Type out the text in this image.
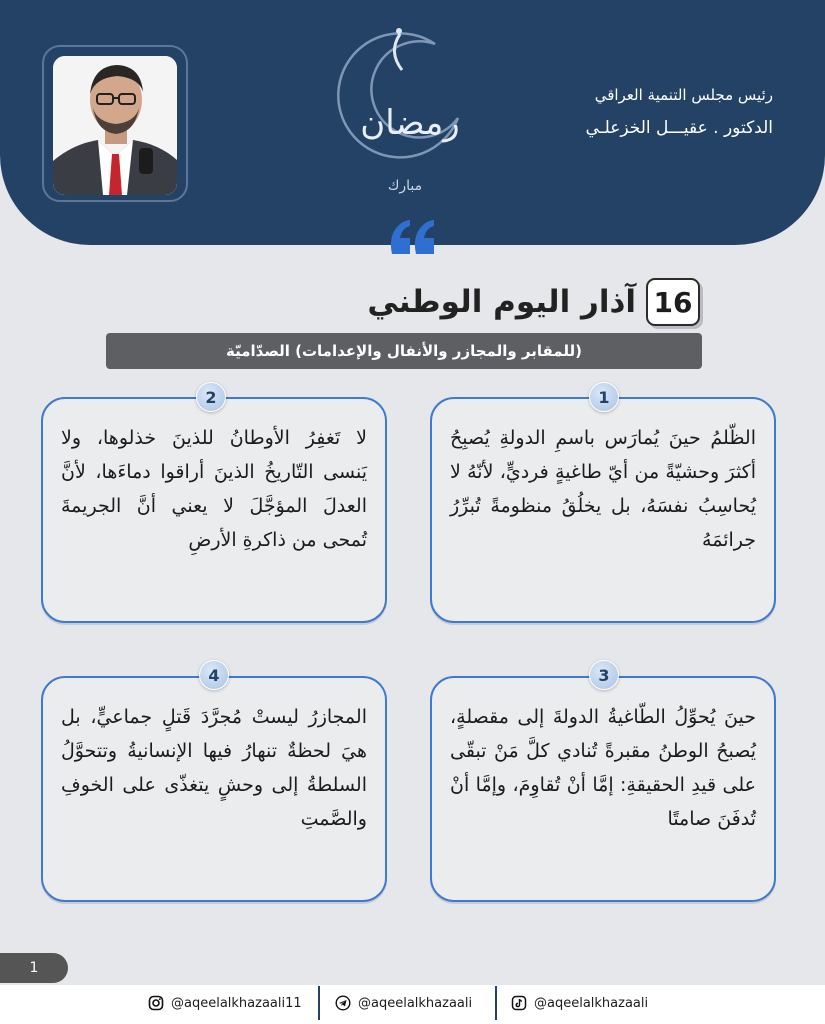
رمضان
مبارك
رئيس مجلس التنمية العراقي
الدكتور . عقيـــل الخزعلـي
16
آذار اليوم الوطني
(للمقابر والمجازر والأنفال والإعدامات) الصدّاميّة
الظّلمُ حينَ يُمارَس باسمِ الدولةِ يُصبِحُ أكثرَ وحشيّةً من أيّ طاغيةٍ فرديٍّ، لأنّهُ لا يُحاسِبُ نفسَهُ، بل يخلُقُ منظومةً تُبرِّرُ جرائمَهُ
1
لا تَغفِرُ الأوطانُ للذينَ خذلوها، ولا يَنسى التّاريخُ الذينَ أراقوا دماءَها، لأنَّ العدلَ المؤجَّلَ لا يعني أنَّ الجريمةَ تُمحى من ذاكرةِ الأرضِ
2
حينَ يُحوِّلُ الطّاغيةُ الدولةَ إلى مقصلةٍ، يُصبحُ الوطنُ مقبرةً تُنادي كلَّ مَنْ تبقّى على قيدِ الحقيقةِ: إمَّا أنْ تُقاوِمَ، وإمَّا أنْ تُدفَنَ صامتًا
3
المجازرُ ليستْ مُجرَّدَ قَتلٍ جماعيٍّ، بل هيَ لحظةٌ تنهارُ فيها الإنسانيةُ وتتحوَّلُ السلطةُ إلى وحشٍ يتغذّى على الخوفِ والصَّمتِ
4
1
@aqeelalkhazaali11	@aqeelalkhazaali	@aqeelalkhazaali
